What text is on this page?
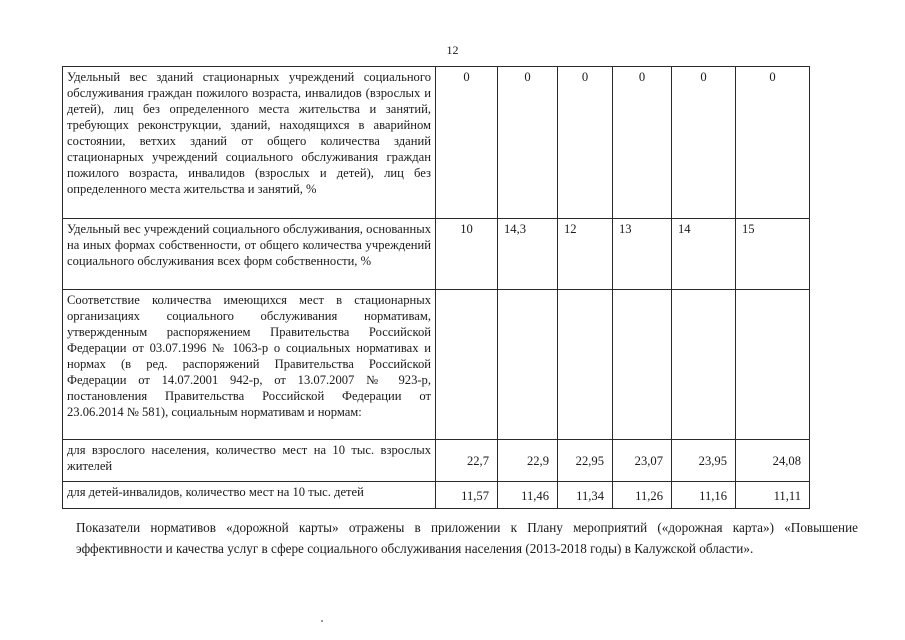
12
Удельный вес зданий стационарных учреждений социального обслуживания граждан пожилого возраста, инвалидов (взрослых и детей), лиц без определенного места жительства и занятий, требующих реконструкции, зданий, находящихся в аварийном состоянии, ветхих зданий от общего количества зданий стационарных учреждений социального обслуживания граждан пожилого возраста, инвалидов (взрослых и детей), лиц без определенного места жительства и занятий, %	0	0	0	0	0	0
Удельный вес учреждений социального обслуживания, основанных на иных формах собственности, от общего количества учреждений социального обслуживания всех форм собственности, %	10	14,3	12	13	14	15
Соответствие количества имеющихся мест в стационарных организациях социального обслуживания нормативам, утвержденным распоряжением Правительства Российской Федерации от 03.07.1996 № 1063-р о социальных нормативах и нормах (в ред. распоряжений Правительства Российской Федерации от 14.07.2001 942-р, от 13.07.2007 № 923-р, постановления Правительства Российской Федерации от 23.06.2014 № 581), социальным нормативам и нормам:						
для взрослого населения, количество мест на 10 тыс. взрослых жителей	22,7	22,9	22,95	23,07	23,95	24,08
для детей-инвалидов, количество мест на 10 тыс. детей	11,57	11,46	11,34	11,26	11,16	11,11
Показатели нормативов «дорожной карты» отражены в приложении к Плану мероприятий («дорожная карта») «Повышение эффективности и качества услуг в сфере социального обслуживания населения (2013-2018 годы) в Калужской области».
